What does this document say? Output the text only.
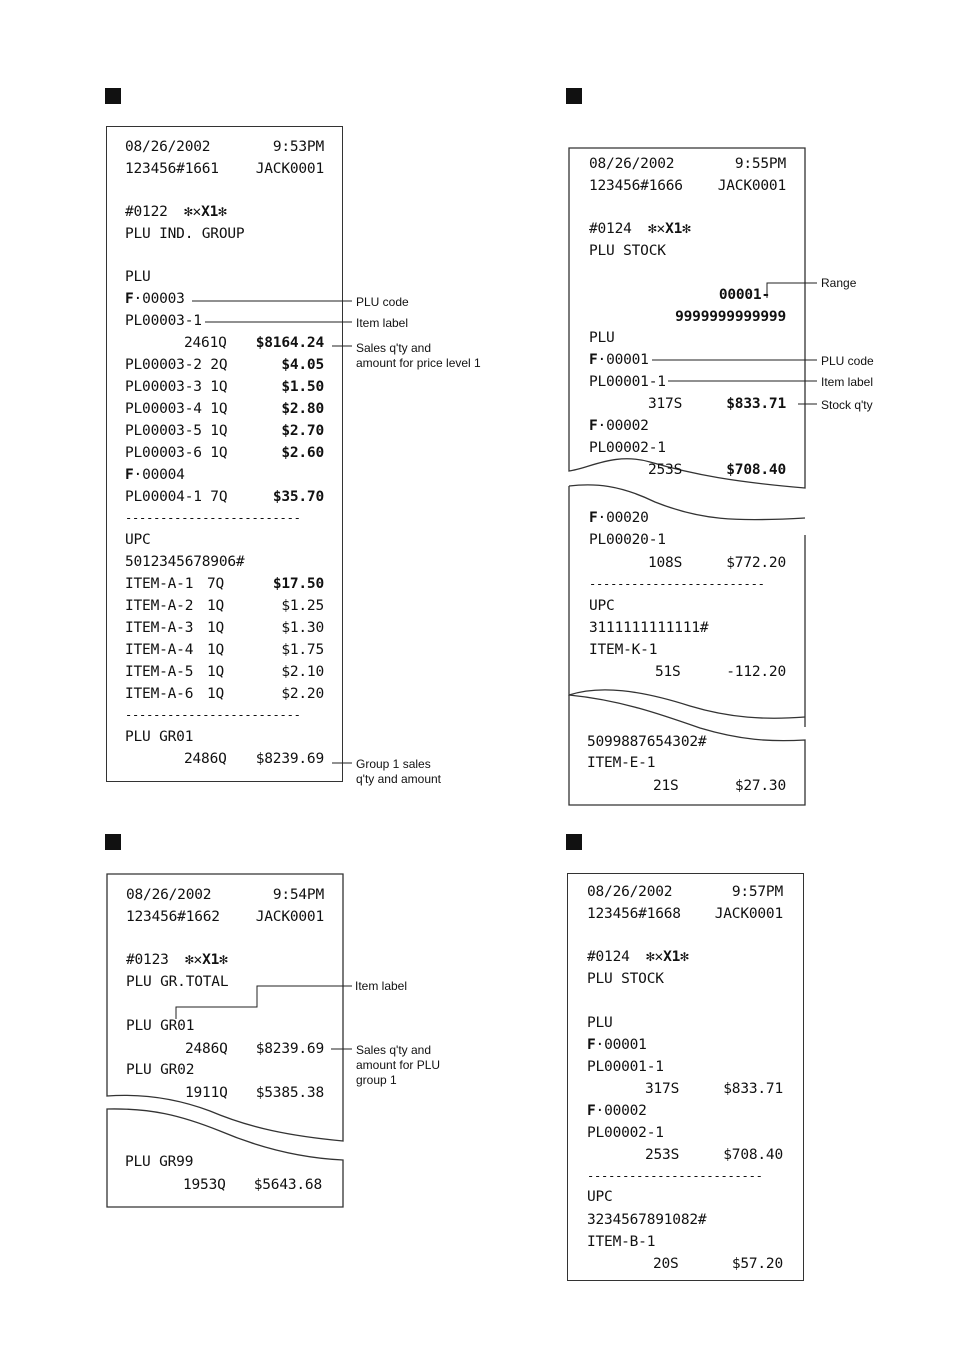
08/26/2002	9:53PM
123456#1661	JACK0001
#0122 ✻✕X1✻
PLU IND. GROUP
PLU
F·00003
PL00003-1
2461Q $8164.24
PL00003-2 2Q	$4.05
PL00003-3 1Q	$1.50
PL00003-4 1Q	$2.80
PL00003-5 1Q	$2.70
PL00003-6 1Q	$2.60
F·00004
PL00004-1 7Q	$35.70
-------------------------
UPC
5012345678906#
ITEM-A-1 7Q	$17.50
ITEM-A-2 1Q	$1.25
ITEM-A-3 1Q	$1.30
ITEM-A-4 1Q	$1.75
ITEM-A-5 1Q	$2.10
ITEM-A-6 1Q	$2.20
-------------------------
PLU GR01
2486Q $8239.69
PLU code
Item label
Sales q'ty and
amount for price level 1
Group 1 sales
q'ty and amount
08/26/2002	9:55PM
123456#1666 JACK0001
#0124 ✻✕X1✻
PLU STOCK
00001-
9999999999999
PLU
F·00001
PL00001-1
317S	$833.71
F·00002
PL00002-1
253S	$708.40
F·00020
PL00020-1
108S	$772.20
-------------------------
UPC
3111111111111#
ITEM-K-1
51S	-112.20
5099887654302#
ITEM-E-1
21S	$27.30
Range
PLU code
Item label
Stock q'ty
08/26/2002	9:54PM
123456#1662 JACK0001
#0123 ✻✕X1✻
PLU GR.TOTAL
PLU GR01
2486Q $8239.69
PLU GR02
1911Q $5385.38
PLU GR99
1953Q $5643.68
Item label
Sales q'ty and
amount for PLU
group 1
08/26/2002	9:57PM
123456#1668 JACK0001
#0124 ✻✕X1✻
PLU STOCK
PLU
F·00001
PL00001-1
317S	$833.71
F·00002
PL00002-1
253S	$708.40
-------------------------
UPC
3234567891082#
ITEM-B-1
20S	$57.20
